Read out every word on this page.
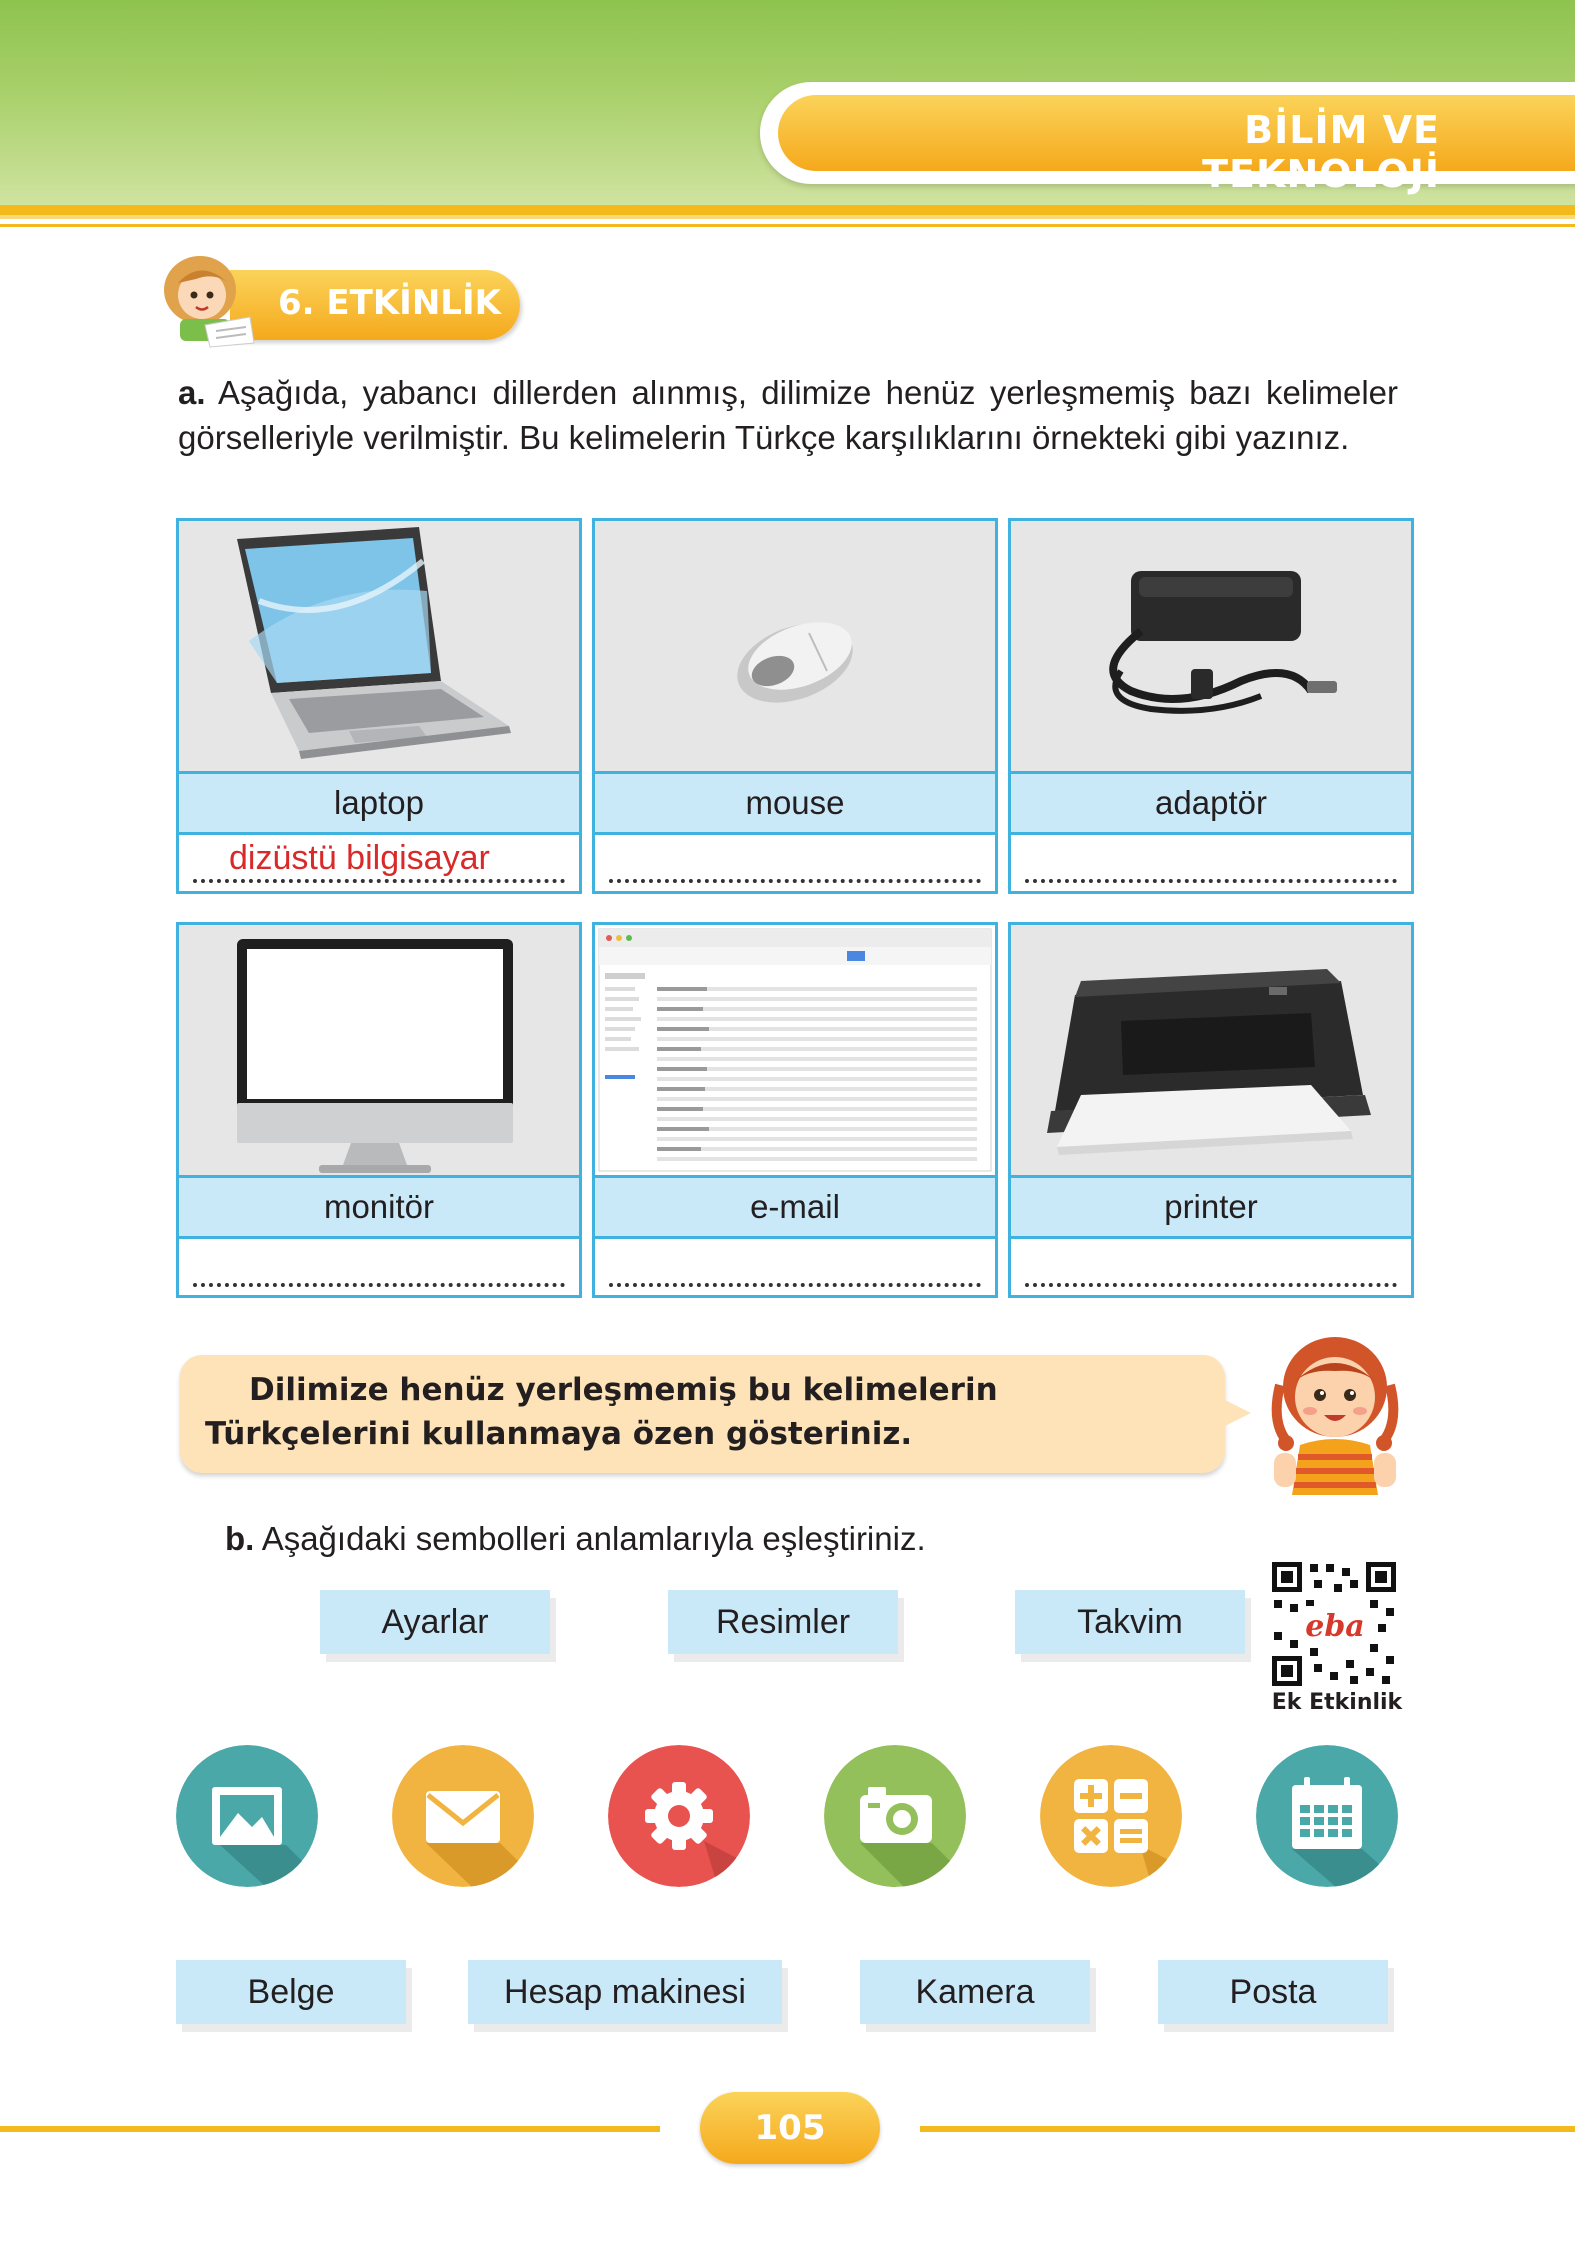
BİLİM VE TEKNOLOJİ
6. ETKİNLİK
a. Aşağıda, yabancı dillerden alınmış, dilimize henüz yerleşmemiş bazı kelimeler görselleriyle verilmiştir. Bu kelimelerin Türkçe karşılıklarını örnekteki gibi yazınız.
laptop
dizüstü bilgisayar
mouse	adaptör
monitör	e-mail	printer
Dilimize henüz yerleşmemiş bu kelimelerin Türkçelerini kullanmaya özen gösteriniz.
b. Aşağıdaki sembolleri anlamlarıyla eşleştiriniz.
Ayarlar	Resimler	Takvim	eba
Ek Etkinlik
Belge	Hesap makinesi	Kamera	Posta
105
